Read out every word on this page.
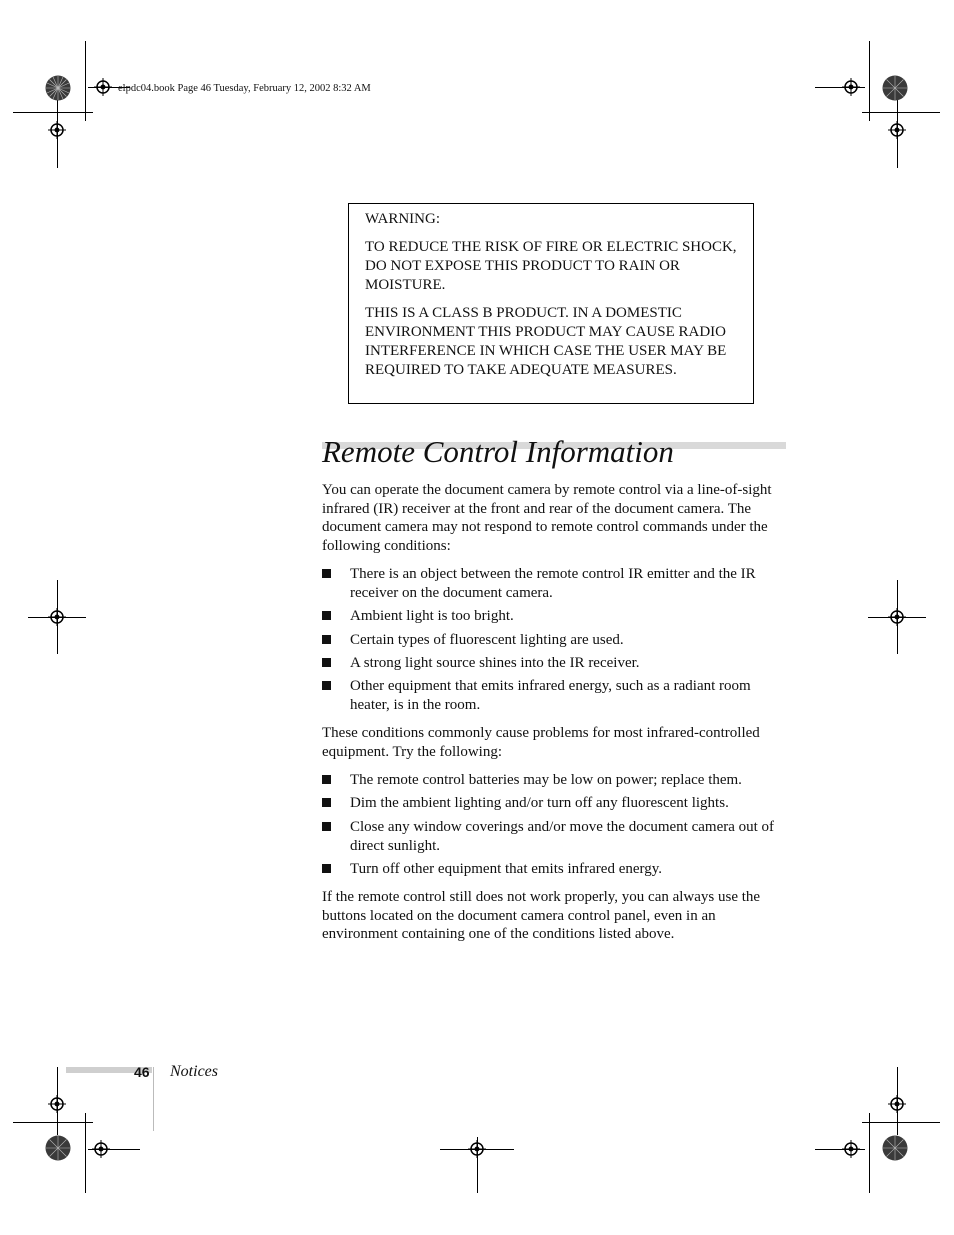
elpdc04.book Page 46 Tuesday, February 12, 2002 8:32 AM

WARNING:

TO REDUCE THE RISK OF FIRE OR ELECTRIC SHOCK, DO NOT EXPOSE THIS PRODUCT TO RAIN OR MOISTURE.

THIS IS A CLASS B PRODUCT. IN A DOMESTIC ENVIRONMENT THIS PRODUCT MAY CAUSE RADIO INTERFERENCE IN WHICH CASE THE USER MAY BE REQUIRED TO TAKE ADEQUATE MEASURES.

Remote Control Information
You can operate the document camera by remote control via a line-of-sight infrared (IR) receiver at the front and rear of the document camera. The document camera may not respond to remote control commands under the following conditions:
There is an object between the remote control IR emitter and the IR receiver on the document camera.
Ambient light is too bright.
Certain types of fluorescent lighting are used.
A strong light source shines into the IR receiver.
Other equipment that emits infrared energy, such as a radiant room heater, is in the room.
These conditions commonly cause problems for most infrared-controlled equipment. Try the following:
The remote control batteries may be low on power; replace them.
Dim the ambient lighting and/or turn off any fluorescent lights.
Close any window coverings and/or move the document camera out of direct sunlight.
Turn off other equipment that emits infrared energy.
If the remote control still does not work properly, you can always use the buttons located on the document camera control panel, even in an environment containing one of the conditions listed above.
46 Notices
